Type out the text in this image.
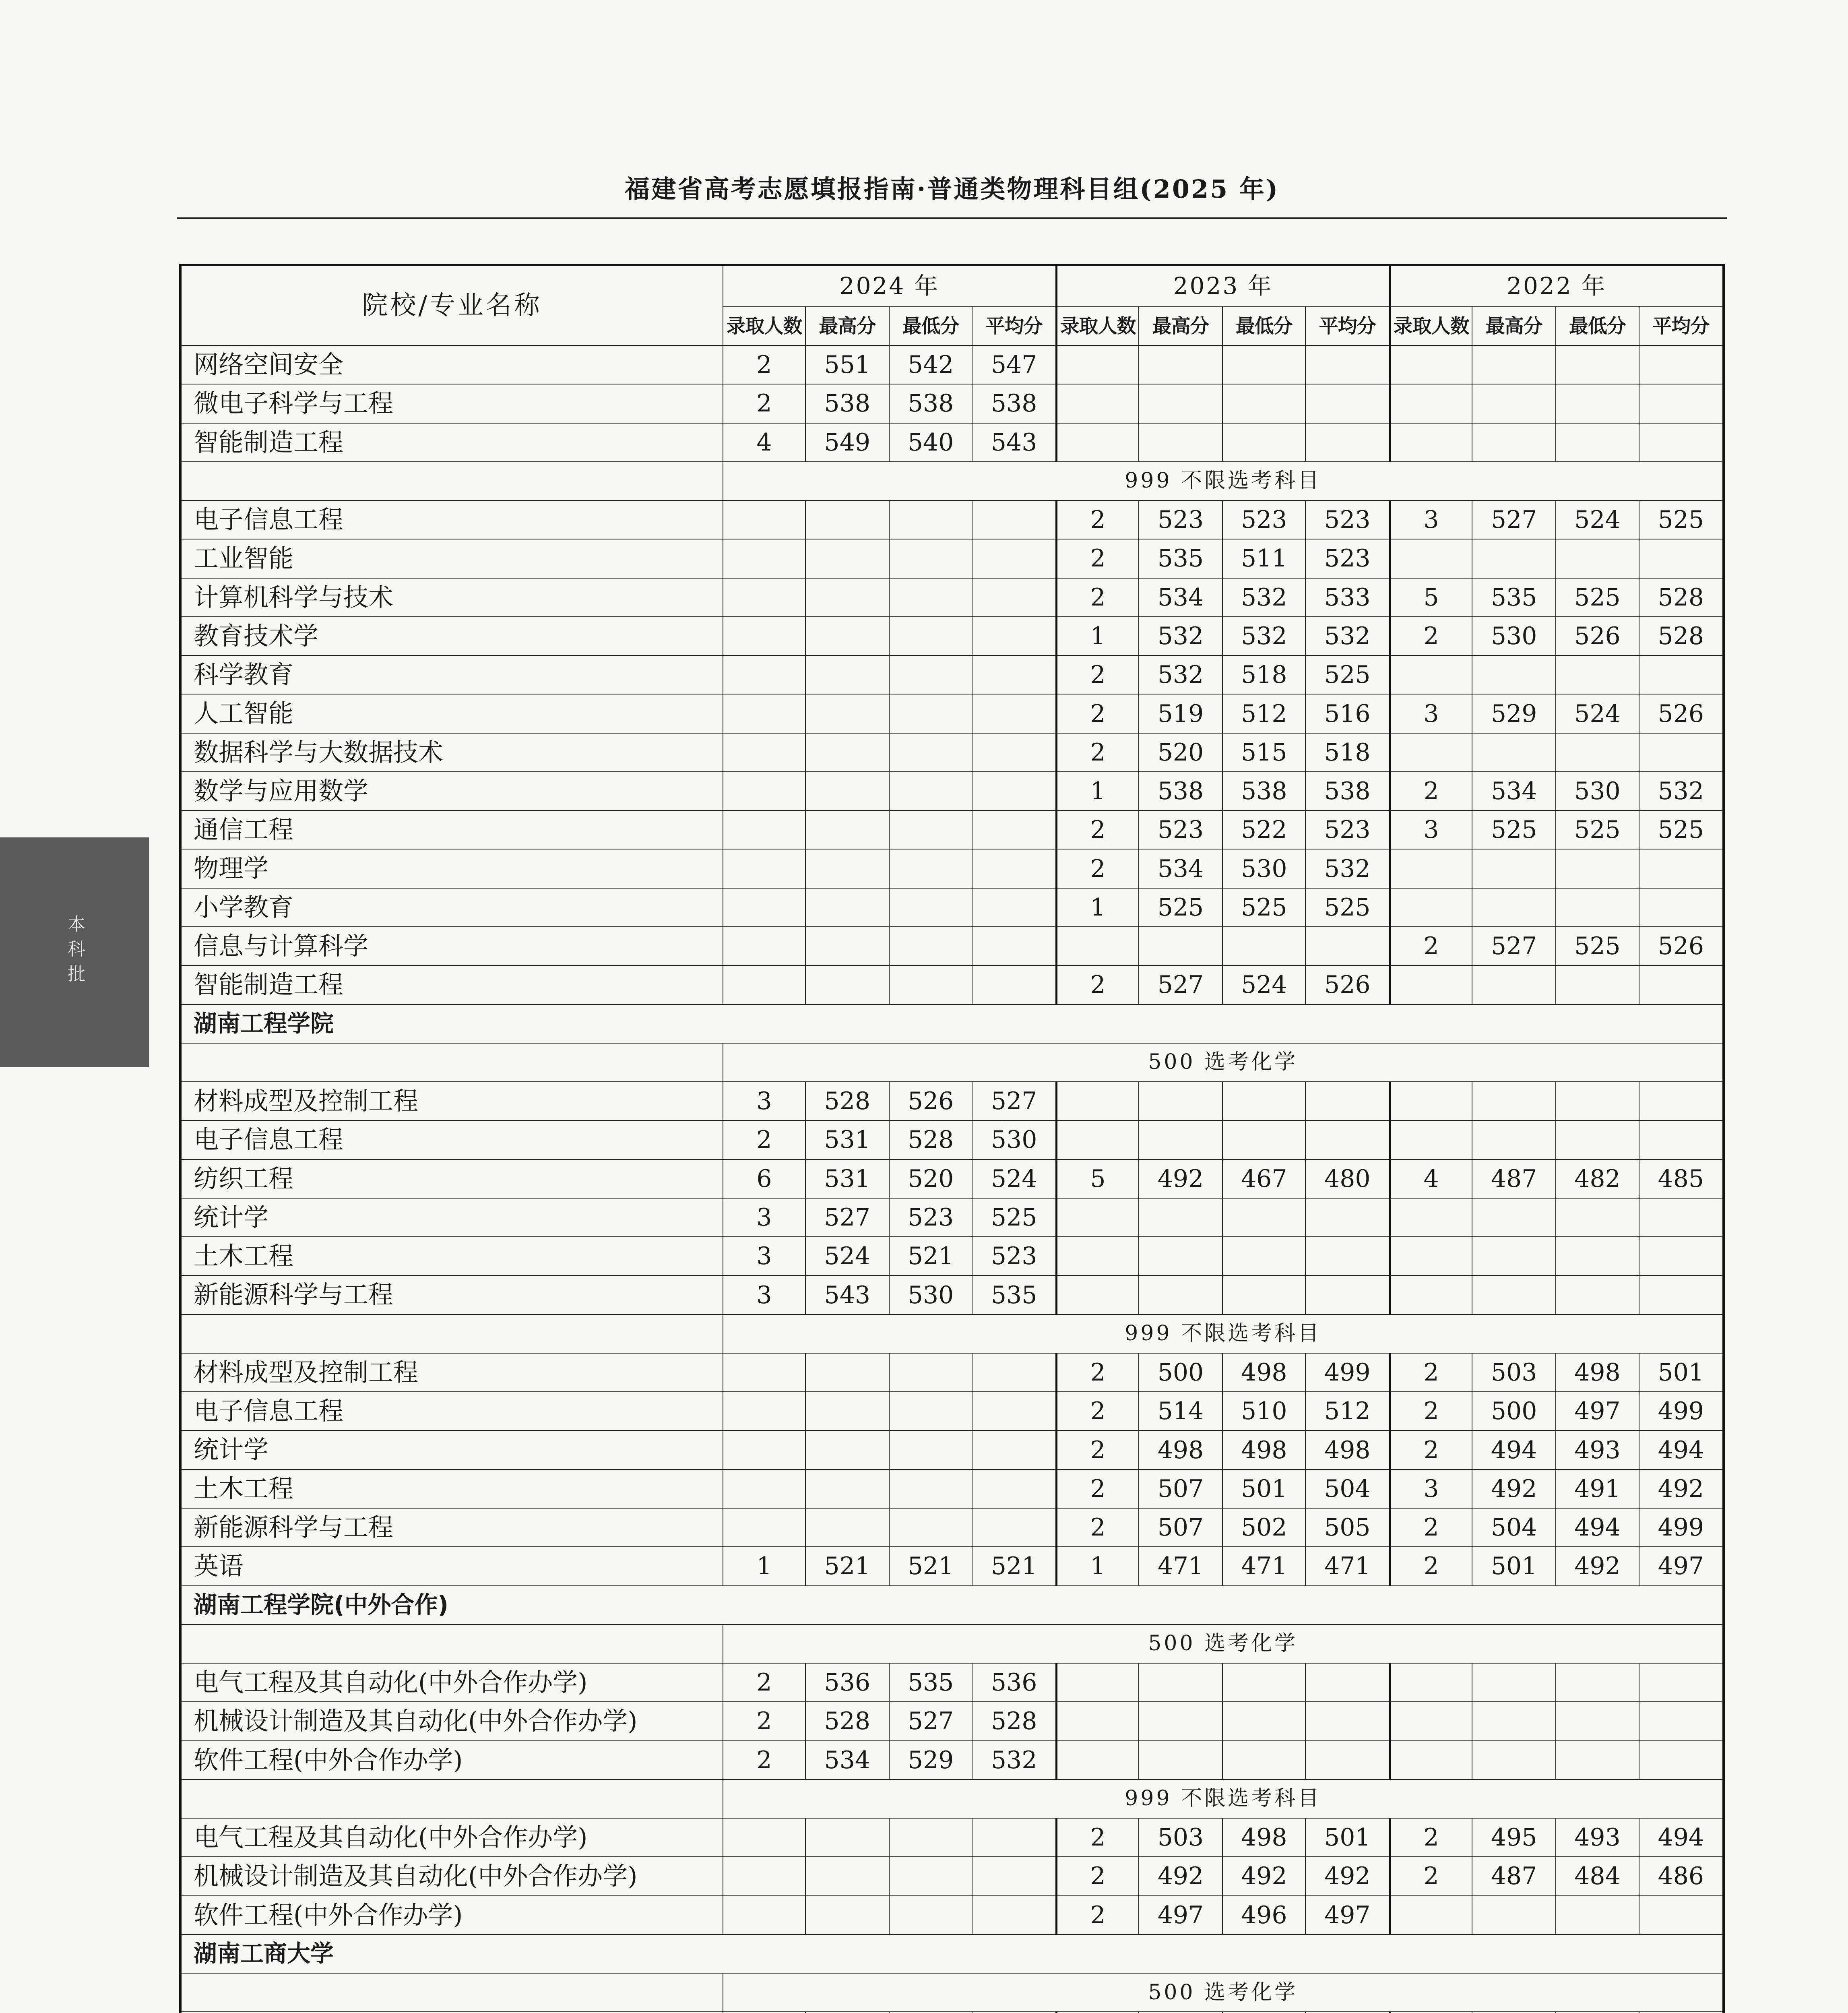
福建省高考志愿填报指南·普通类物理科目组(2025 年)
本科批
院校/专业名称	2024 年				2023 年				2022 年			
	录取人数	最高分	最低分	平均分	录取人数	最高分	最低分	平均分	录取人数	最高分	最低分	平均分
网络空间安全	2	551	542	547								
微电子科学与工程	2	538	538	538								
智能制造工程	4	549	540	543								
	999 不限选考科目											
电子信息工程					2	523	523	523	3	527	524	525
工业智能					2	535	511	523				
计算机科学与技术					2	534	532	533	5	535	525	528
教育技术学					1	532	532	532	2	530	526	528
科学教育					2	532	518	525				
人工智能					2	519	512	516	3	529	524	526
数据科学与大数据技术					2	520	515	518				
数学与应用数学					1	538	538	538	2	534	530	532
通信工程					2	523	522	523	3	525	525	525
物理学					2	534	530	532				
小学教育					1	525	525	525				
信息与计算科学									2	527	525	526
智能制造工程					2	527	524	526				
湖南工程学院												
	500 选考化学											
材料成型及控制工程	3	528	526	527								
电子信息工程	2	531	528	530								
纺织工程	6	531	520	524	5	492	467	480	4	487	482	485
统计学	3	527	523	525								
土木工程	3	524	521	523								
新能源科学与工程	3	543	530	535								
	999 不限选考科目											
材料成型及控制工程					2	500	498	499	2	503	498	501
电子信息工程					2	514	510	512	2	500	497	499
统计学					2	498	498	498	2	494	493	494
土木工程					2	507	501	504	3	492	491	492
新能源科学与工程					2	507	502	505	2	504	494	499
英语	1	521	521	521	1	471	471	471	2	501	492	497
湖南工程学院(中外合作)												
	500 选考化学											
电气工程及其自动化(中外合作办学)	2	536	535	536								
机械设计制造及其自动化(中外合作办学)	2	528	527	528								
软件工程(中外合作办学)	2	534	529	532								
	999 不限选考科目											
电气工程及其自动化(中外合作办学)					2	503	498	501	2	495	493	494
机械设计制造及其自动化(中外合作办学)					2	492	492	492	2	487	484	486
软件工程(中外合作办学)					2	497	496	497				
湖南工商大学												
	500 选考化学											
